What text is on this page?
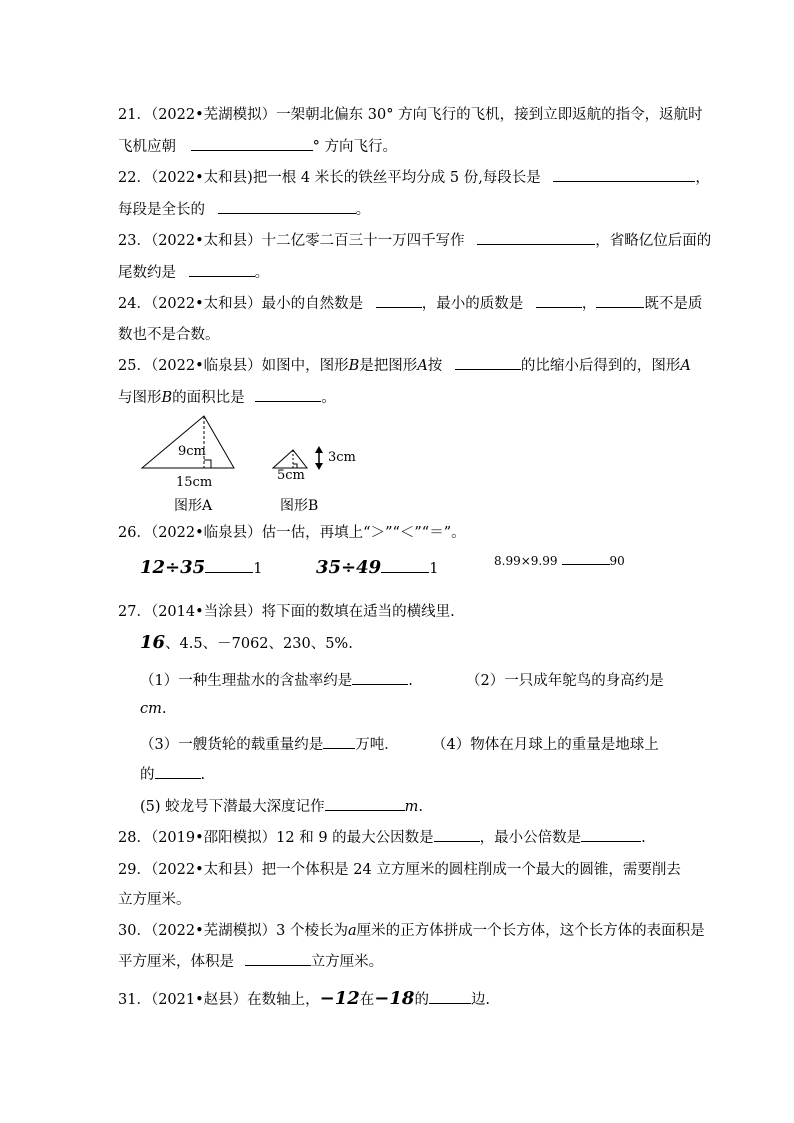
21．（2022•芜湖模拟）一架朝北偏东 30° 方向飞行的飞机，接到立即返航的指令，返航时
飞机应朝	° 方向飞行。
22．（2022•太和县)把一根 4 米长的铁丝平均分成 5 份,每段长是	，
每段是全长的	。
23．（2022•太和县）十二亿零二百三十一万四千写作	，省略亿位后面的
尾数约是	。
24．（2022•太和县）最小的自然数是	，最小的质数是	，	既不是质
数也不是合数。
25．（2022•临泉县）如图中，图形B是把图形A按	的比缩小后得到的，图形A
与图形B的面积比是	。
9cm
15cm
图形A
3cm
5cm
图形B
26．（2022•临泉县）估一估，再填上“＞”“＜”“＝”。
12÷35	1	35÷49	1	8.99×9.99	90
27．（2014•当涂县）将下面的数填在适当的横线里.
16、4.5、－7062、230、5%.
（1）一种生理盐水的含盐率约是	.	（2）一只成年鸵鸟的身高约是
cm.
（3）一艘货轮的载重量约是 万吨． （4）物体在月球上的重量是地球上
的	.
(5) 蛟龙号下潜最大深度记作	m.
28．（2019•邵阳模拟）12 和 9 的最大公因数是	，最小公倍数是	.
29．（2022•太和县）把一个体积是 24 立方厘米的圆柱削成一个最大的圆锥，需要削去
立方厘米。
30．（2022•芜湖模拟）3 个棱长为a厘米的正方体拼成一个长方体，这个长方体的表面积是
平方厘米，体积是	立方厘米。
31．（2021•赵县）在数轴上，−12在−18的	边.
